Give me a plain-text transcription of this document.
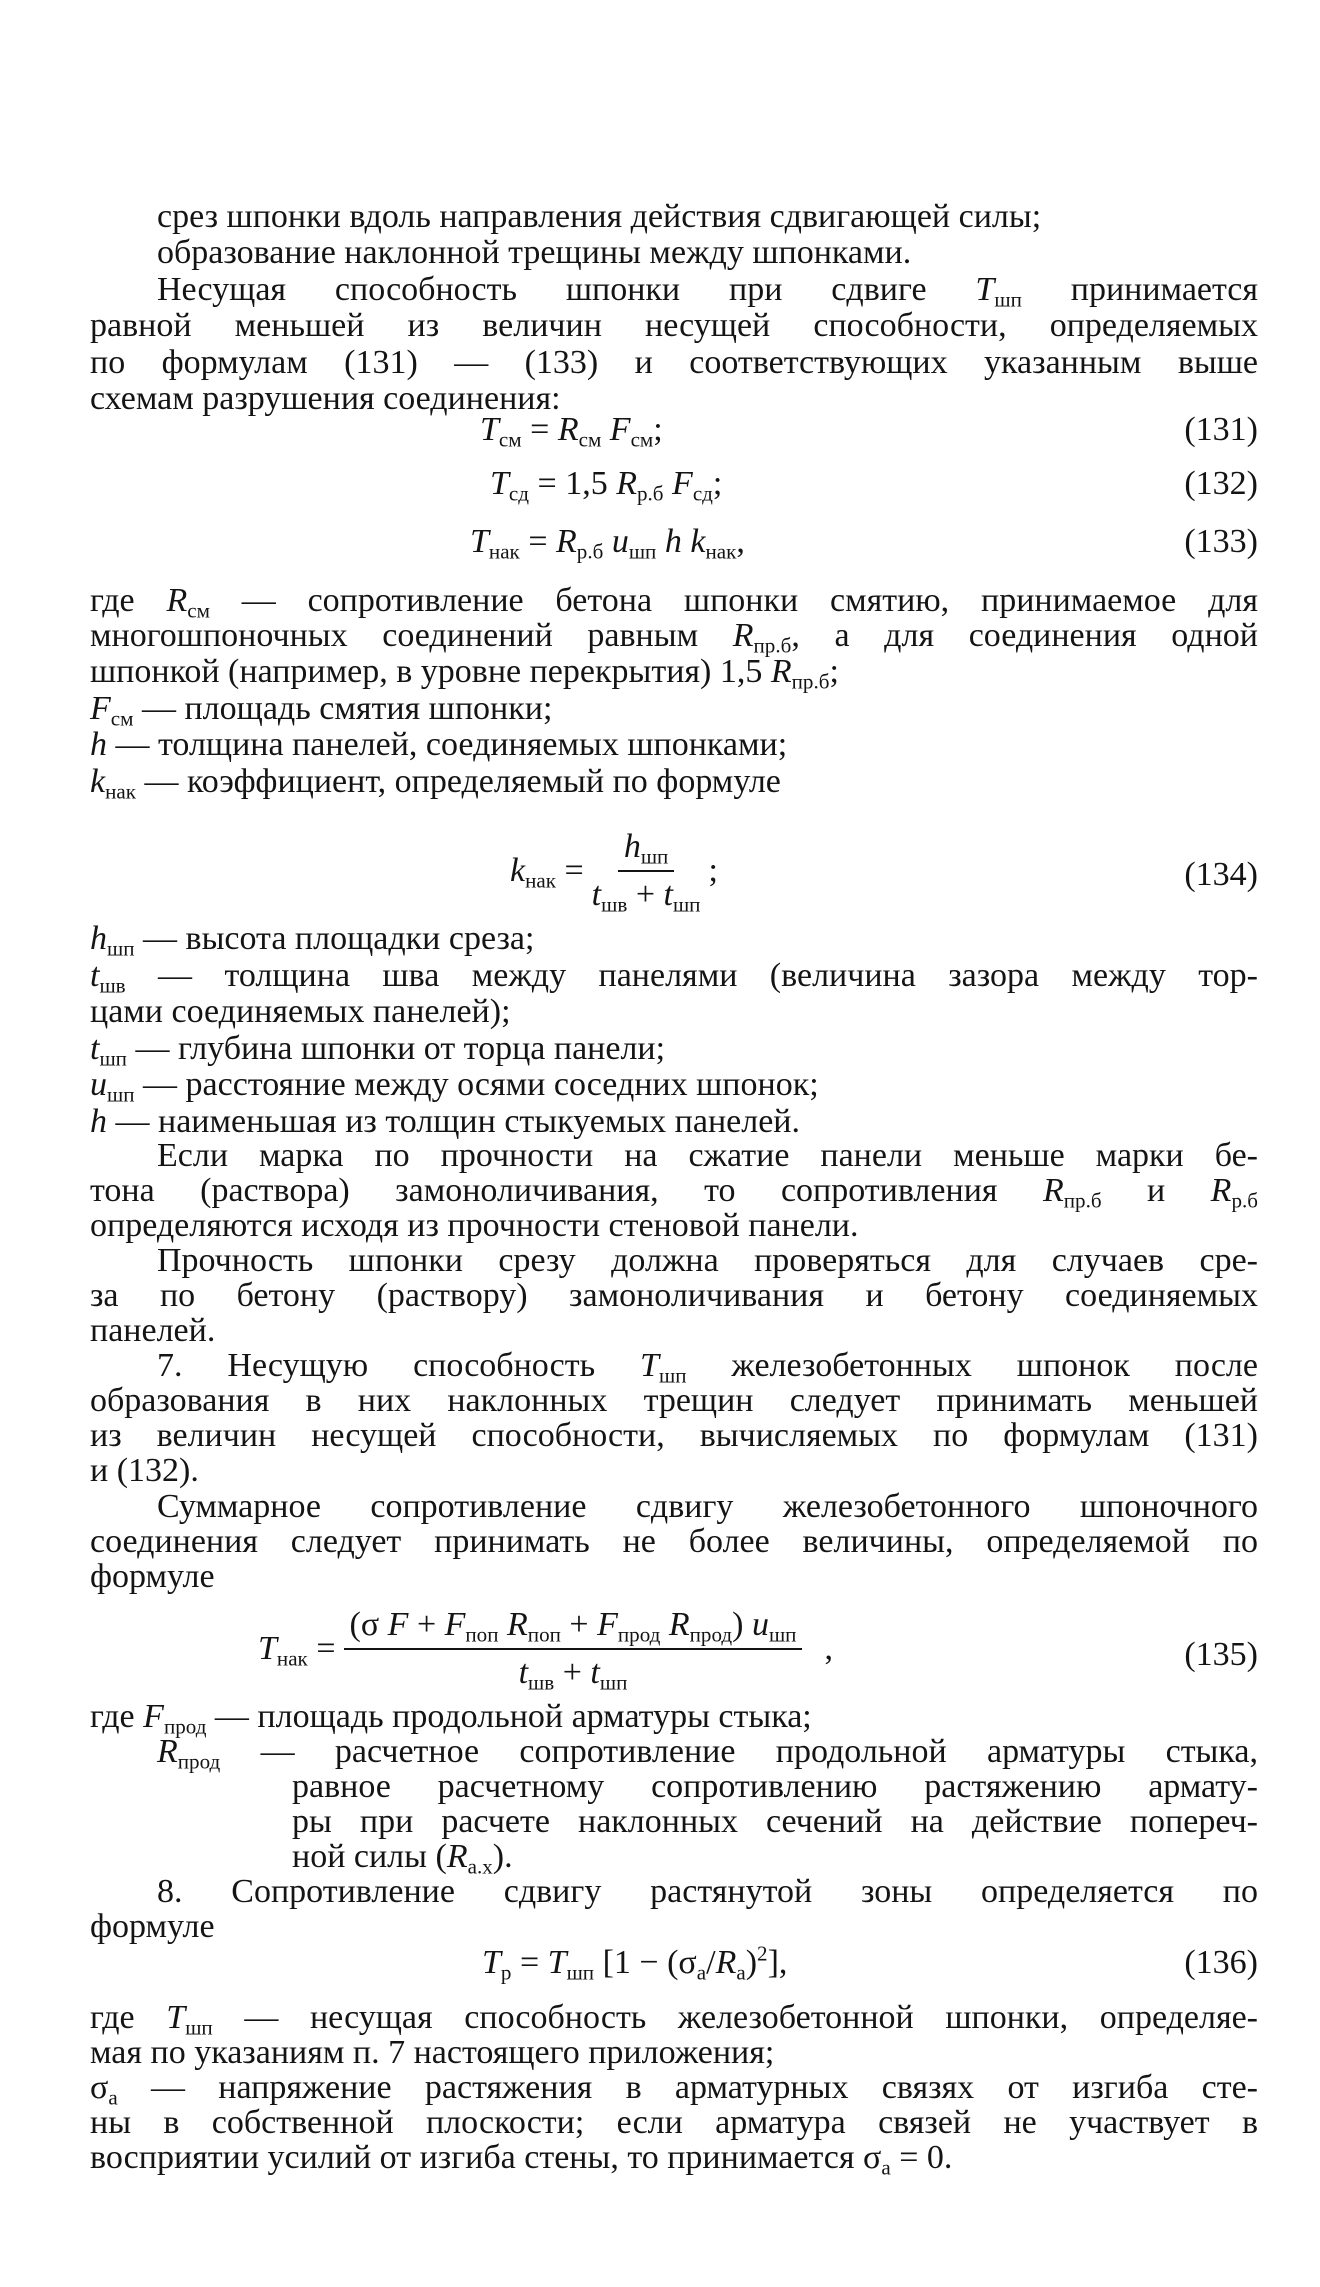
срез шпонки вдоль направления действия сдвигающей силы;
образование наклонной трещины между шпонками.
Несущая способность шпонки при сдвиге $T_{шп}$ принимается
равной меньшей из величин несущей способности, определяемых
по формулам (131) — (133) и соответствующих указанным выше
схемам разрушения соединения:
где $R_{см}$ — сопротивление бетона шпонки смятию, принимаемое для
многошпоночных соединений равным $R_{пр.б}$, а для соединения одной
шпонкой (например, в уровне перекрытия) 1,5 $R_{пр.б}$;
$F_{см}$ — площадь смятия шпонки;
h — толщина панелей, соединяемых шпонками;
$k_{нак}$ — коэффициент, определяемый по формуле
$h_{шп}$ — высота площадки среза;
$t_{шв}$ — толщина шва между панелями (величина зазора между тор-
цами соединяемых панелей);
$t_{шп}$ — глубина шпонки от торца панели;
$u_{шп}$ — расстояние между осями соседних шпонок;
h — наименьшая из толщин стыкуемых панелей.
Если марка по прочности на сжатие панели меньше марки бе-
тона (раствора) замоноличивания, то сопротивления $R_{пр.б}$ и $R_{р.б}$
определяются исходя из прочности стеновой панели.
Прочность шпонки срезу должна проверяться для случаев сре-
за по бетону (раствору) замоноличивания и бетону соединяемых
панелей.
7. Несущую способность $T_{шп}$ железобетонных шпонок после
образования в них наклонных трещин следует принимать меньшей
из величин несущей способности, вычисляемых по формулам (131)
и (132).
Суммарное сопротивление сдвигу железобетонного шпоночного
соединения следует принимать не более величины, определяемой по
формуле
где $F_{прод}$ — площадь продольной арматуры стыка;
$R_{прод}$ — расчетное сопротивление продольной арматуры стыка,
равное расчетному сопротивлению растяжению армату-
ры при расчете наклонных сечений на действие попереч-
ной силы $(R_{а.х})$.
8. Сопротивление сдвигу растянутой зоны определяется по
формуле
где $T_{шп}$ — несущая способность железобетонной шпонки, определяе-
мая по указаниям п. 7 настоящего приложения;
$\sigma_а$ — напряжение растяжения в арматурных связях от изгиба сте-
ны в собственной плоскости; если арматура связей не участвует в
восприятии усилий от изгиба стены, то принимается $\sigma_а = 0$.
$T_{см} = R_{см}$ $F_{см}$;	(131)
$T_{сд} = 1,5$ $R_{р.б}$ $F_{сд}$;	(132)
$T_{нак} = R_{р.б}$ $u_{шп}$ h $k_{нак}$,	(133)
$k_{нак} = \frac{h_{шп}}{t_{шв} + t_{шп}}$ ;	(134)
$T_{нак} = \frac{(\sigma F + F_{поп} R_{поп} + F_{прод} R_{прод}) u_{шп}}{t_{шв} + t_{шп}}$ ,	(135)
$T_р = T_{шп}$ $[1 - (\sigma_а/R_а)^2]$,	(136)
